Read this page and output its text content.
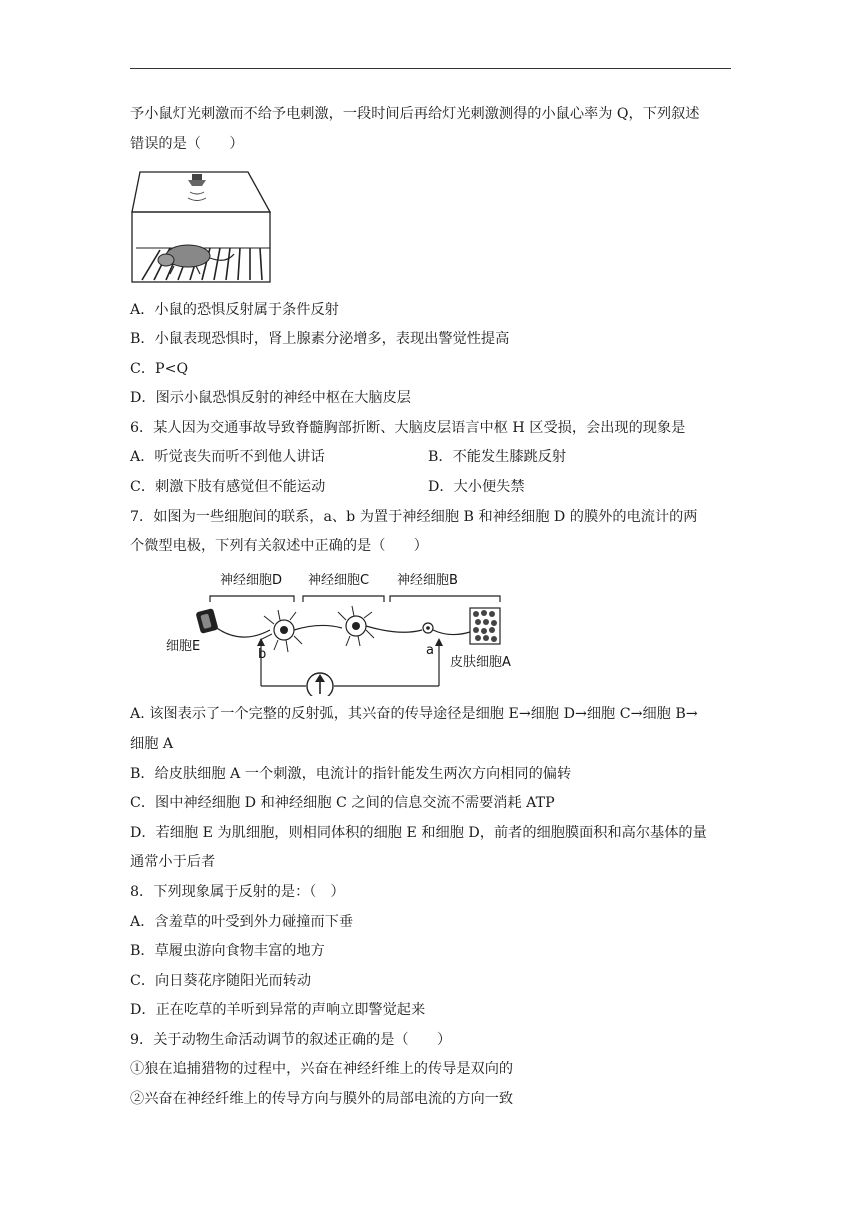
予小鼠灯光刺激而不给予电刺激，一段时间后再给灯光刺激测得的小鼠心率为 Q，下列叙述
错误的是（　　）
A．小鼠的恐惧反射属于条件反射
B．小鼠表现恐惧时，肾上腺素分泌增多，表现出警觉性提高
C．P<Q
D．图示小鼠恐惧反射的神经中枢在大脑皮层
6．某人因为交通事故导致脊髓胸部折断、大脑皮层语言中枢 H 区受损，会出现的现象是
A．听觉丧失而听不到他人讲话	B．不能发生膝跳反射
C．刺激下肢有感觉但不能运动	D．大小便失禁
7．如图为一些细胞间的联系，a、b 为置于神经细胞 B 和神经细胞 D 的膜外的电流计的两
个微型电极，下列有关叙述中正确的是（　　）
神经细胞D 神经细胞C 神经细胞B
细胞E
皮肤细胞A
b	a
A. 该图表示了一个完整的反射弧，其兴奋的传导途径是细胞 E→细胞 D→细胞 C→细胞 B→
细胞 A
B．给皮肤细胞 A 一个刺激，电流计的指针能发生两次方向相同的偏转
C．图中神经细胞 D 和神经细胞 C 之间的信息交流不需要消耗 ATP
D．若细胞 E 为肌细胞，则相同体积的细胞 E 和细胞 D，前者的细胞膜面积和高尔基体的量
通常小于后者
8．下列现象属于反射的是：（　）
A．含羞草的叶受到外力碰撞而下垂
B．草履虫游向食物丰富的地方
C．向日葵花序随阳光而转动
D．正在吃草的羊听到异常的声响立即警觉起来
9．关于动物生命活动调节的叙述正确的是（　　）
①狼在追捕猎物的过程中，兴奋在神经纤维上的传导是双向的
②兴奋在神经纤维上的传导方向与膜外的局部电流的方向一致
